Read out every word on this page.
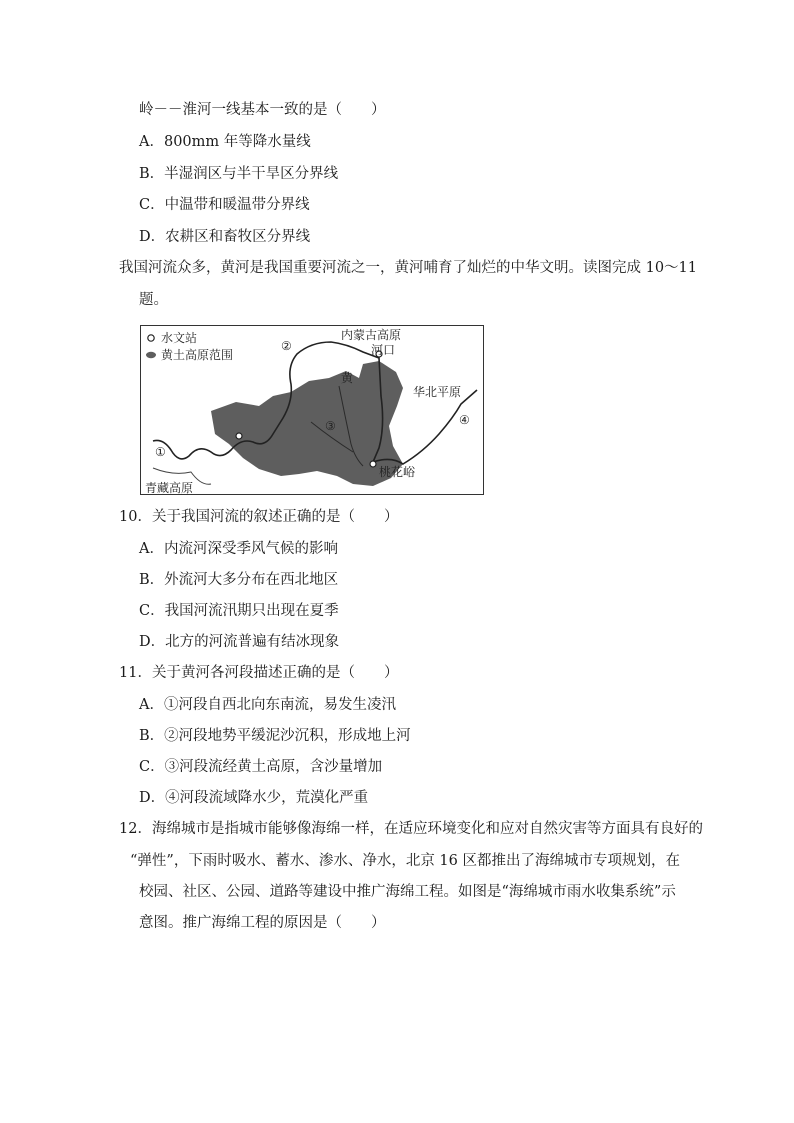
岭－－淮河一线基本一致的是（　　）
A．800mm 年等降水量线
B．半湿润区与半干旱区分界线
C．中温带和暖温带分界线
D．农耕区和畜牧区分界线
我国河流众多，黄河是我国重要河流之一，黄河哺育了灿烂的中华文明。读图完成 10～11
题。
水文站
黄土高原范围
内蒙古高原
河口
黄
华北平原
青藏高原
桃花峪
①
②
③	④
10．关于我国河流的叙述正确的是（　　）
A．内流河深受季风气候的影响
B．外流河大多分布在西北地区
C．我国河流汛期只出现在夏季
D．北方的河流普遍有结冰现象
11．关于黄河各河段描述正确的是（　　）
A．①河段自西北向东南流，易发生凌汛
B．②河段地势平缓泥沙沉积，形成地上河
C．③河段流经黄土高原，含沙量增加
D．④河段流域降水少，荒漠化严重
12．海绵城市是指城市能够像海绵一样，在适应环境变化和应对自然灾害等方面具有良好的
“弹性”，下雨时吸水、蓄水、渗水、净水，北京 16 区都推出了海绵城市专项规划，在
校园、社区、公园、道路等建设中推广海绵工程。如图是“海绵城市雨水收集系统”示
意图。推广海绵工程的原因是（　　）
